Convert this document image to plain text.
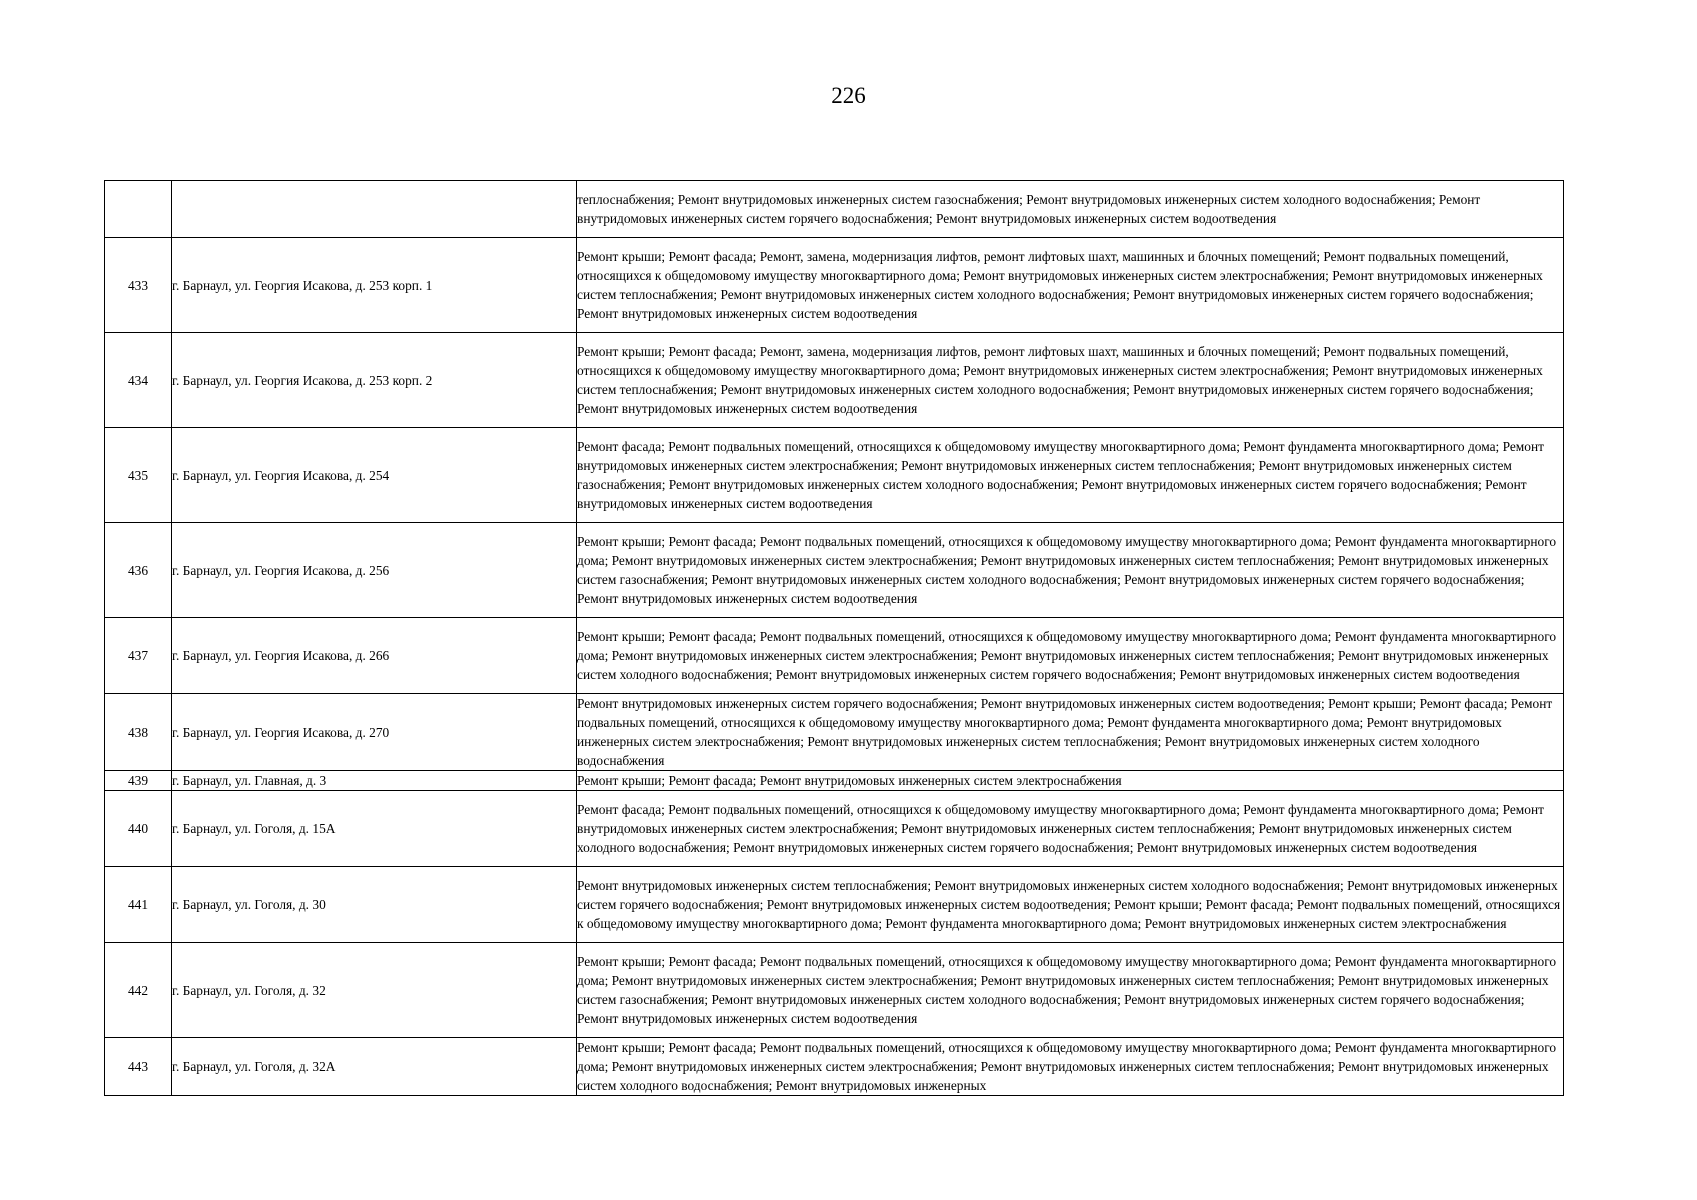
226

		теплоснабжения; Ремонт внутридомовых инженерных систем газоснабжения; Ремонт внутридомовых инженерных систем холодного водоснабжения; Ремонт внутридомовых инженерных систем горячего водоснабжения; Ремонт внутридомовых инженерных систем водоотведения

433	г. Барнаул, ул. Георгия Исакова, д. 253 корп. 1	Ремонт крыши; Ремонт фасада; Ремонт, замена, модернизация лифтов, ремонт лифтовых шахт, машинных и блочных помещений; Ремонт подвальных помещений, относящихся к общедомовому имуществу многоквартирного дома; Ремонт внутридомовых инженерных систем электроснабжения; Ремонт внутридомовых инженерных систем теплоснабжения; Ремонт внутридомовых инженерных систем холодного водоснабжения; Ремонт внутридомовых инженерных систем горячего водоснабжения; Ремонт внутридомовых инженерных систем водоотведения

434	г. Барнаул, ул. Георгия Исакова, д. 253 корп. 2	Ремонт крыши; Ремонт фасада; Ремонт, замена, модернизация лифтов, ремонт лифтовых шахт, машинных и блочных помещений; Ремонт подвальных помещений, относящихся к общедомовому имуществу многоквартирного дома; Ремонт внутридомовых инженерных систем электроснабжения; Ремонт внутридомовых инженерных систем теплоснабжения; Ремонт внутридомовых инженерных систем холодного водоснабжения; Ремонт внутридомовых инженерных систем горячего водоснабжения; Ремонт внутридомовых инженерных систем водоотведения

435	г. Барнаул, ул. Георгия Исакова, д. 254	Ремонт фасада; Ремонт подвальных помещений, относящихся к общедомовому имуществу многоквартирного дома; Ремонт фундамента многоквартирного дома; Ремонт внутридомовых инженерных систем электроснабжения; Ремонт внутридомовых инженерных систем теплоснабжения; Ремонт внутридомовых инженерных систем газоснабжения; Ремонт внутридомовых инженерных систем холодного водоснабжения; Ремонт внутридомовых инженерных систем горячего водоснабжения; Ремонт внутридомовых инженерных систем водоотведения

436	г. Барнаул, ул. Георгия Исакова, д. 256	Ремонт крыши; Ремонт фасада; Ремонт подвальных помещений, относящихся к общедомовому имуществу многоквартирного дома; Ремонт фундамента многоквартирного дома; Ремонт внутридомовых инженерных систем электроснабжения; Ремонт внутридомовых инженерных систем теплоснабжения; Ремонт внутридомовых инженерных систем газоснабжения; Ремонт внутридомовых инженерных систем холодного водоснабжения; Ремонт внутридомовых инженерных систем горячего водоснабжения; Ремонт внутридомовых инженерных систем водоотведения

437	г. Барнаул, ул. Георгия Исакова, д. 266	Ремонт крыши; Ремонт фасада; Ремонт подвальных помещений, относящихся к общедомовому имуществу многоквартирного дома; Ремонт фундамента многоквартирного дома; Ремонт внутридомовых инженерных систем электроснабжения; Ремонт внутридомовых инженерных систем теплоснабжения; Ремонт внутридомовых инженерных систем холодного водоснабжения; Ремонт внутридомовых инженерных систем горячего водоснабжения; Ремонт внутридомовых инженерных систем водоотведения

438	г. Барнаул, ул. Георгия Исакова, д. 270	Ремонт внутридомовых инженерных систем горячего водоснабжения; Ремонт внутридомовых инженерных систем водоотведения; Ремонт крыши; Ремонт фасада; Ремонт подвальных помещений, относящихся к общедомовому имуществу многоквартирного дома; Ремонт фундамента многоквартирного дома; Ремонт внутридомовых инженерных систем электроснабжения; Ремонт внутридомовых инженерных систем теплоснабжения; Ремонт внутридомовых инженерных систем холодного водоснабжения

439	г. Барнаул, ул. Главная, д. 3	Ремонт крыши; Ремонт фасада; Ремонт внутридомовых инженерных систем электроснабжения

440	г. Барнаул, ул. Гоголя, д. 15А	Ремонт фасада; Ремонт подвальных помещений, относящихся к общедомовому имуществу многоквартирного дома; Ремонт фундамента многоквартирного дома; Ремонт внутридомовых инженерных систем электроснабжения; Ремонт внутридомовых инженерных систем теплоснабжения; Ремонт внутридомовых инженерных систем холодного водоснабжения; Ремонт внутридомовых инженерных систем горячего водоснабжения; Ремонт внутридомовых инженерных систем водоотведения

441	г. Барнаул, ул. Гоголя, д. 30	Ремонт внутридомовых инженерных систем теплоснабжения; Ремонт внутридомовых инженерных систем холодного водоснабжения; Ремонт внутридомовых инженерных систем горячего водоснабжения; Ремонт внутридомовых инженерных систем водоотведения; Ремонт крыши; Ремонт фасада; Ремонт подвальных помещений, относящихся к общедомовому имуществу многоквартирного дома; Ремонт фундамента многоквартирного дома; Ремонт внутридомовых инженерных систем электроснабжения

442	г. Барнаул, ул. Гоголя, д. 32	Ремонт крыши; Ремонт фасада; Ремонт подвальных помещений, относящихся к общедомовому имуществу многоквартирного дома; Ремонт фундамента многоквартирного дома; Ремонт внутридомовых инженерных систем электроснабжения; Ремонт внутридомовых инженерных систем теплоснабжения; Ремонт внутридомовых инженерных систем газоснабжения; Ремонт внутридомовых инженерных систем холодного водоснабжения; Ремонт внутридомовых инженерных систем горячего водоснабжения; Ремонт внутридомовых инженерных систем водоотведения

443	г. Барнаул, ул. Гоголя, д. 32А	Ремонт крыши; Ремонт фасада; Ремонт подвальных помещений, относящихся к общедомовому имуществу многоквартирного дома; Ремонт фундамента многоквартирного дома; Ремонт внутридомовых инженерных систем электроснабжения; Ремонт внутридомовых инженерных систем теплоснабжения; Ремонт внутридомовых инженерных систем холодного водоснабжения; Ремонт внутридомовых инженерных
